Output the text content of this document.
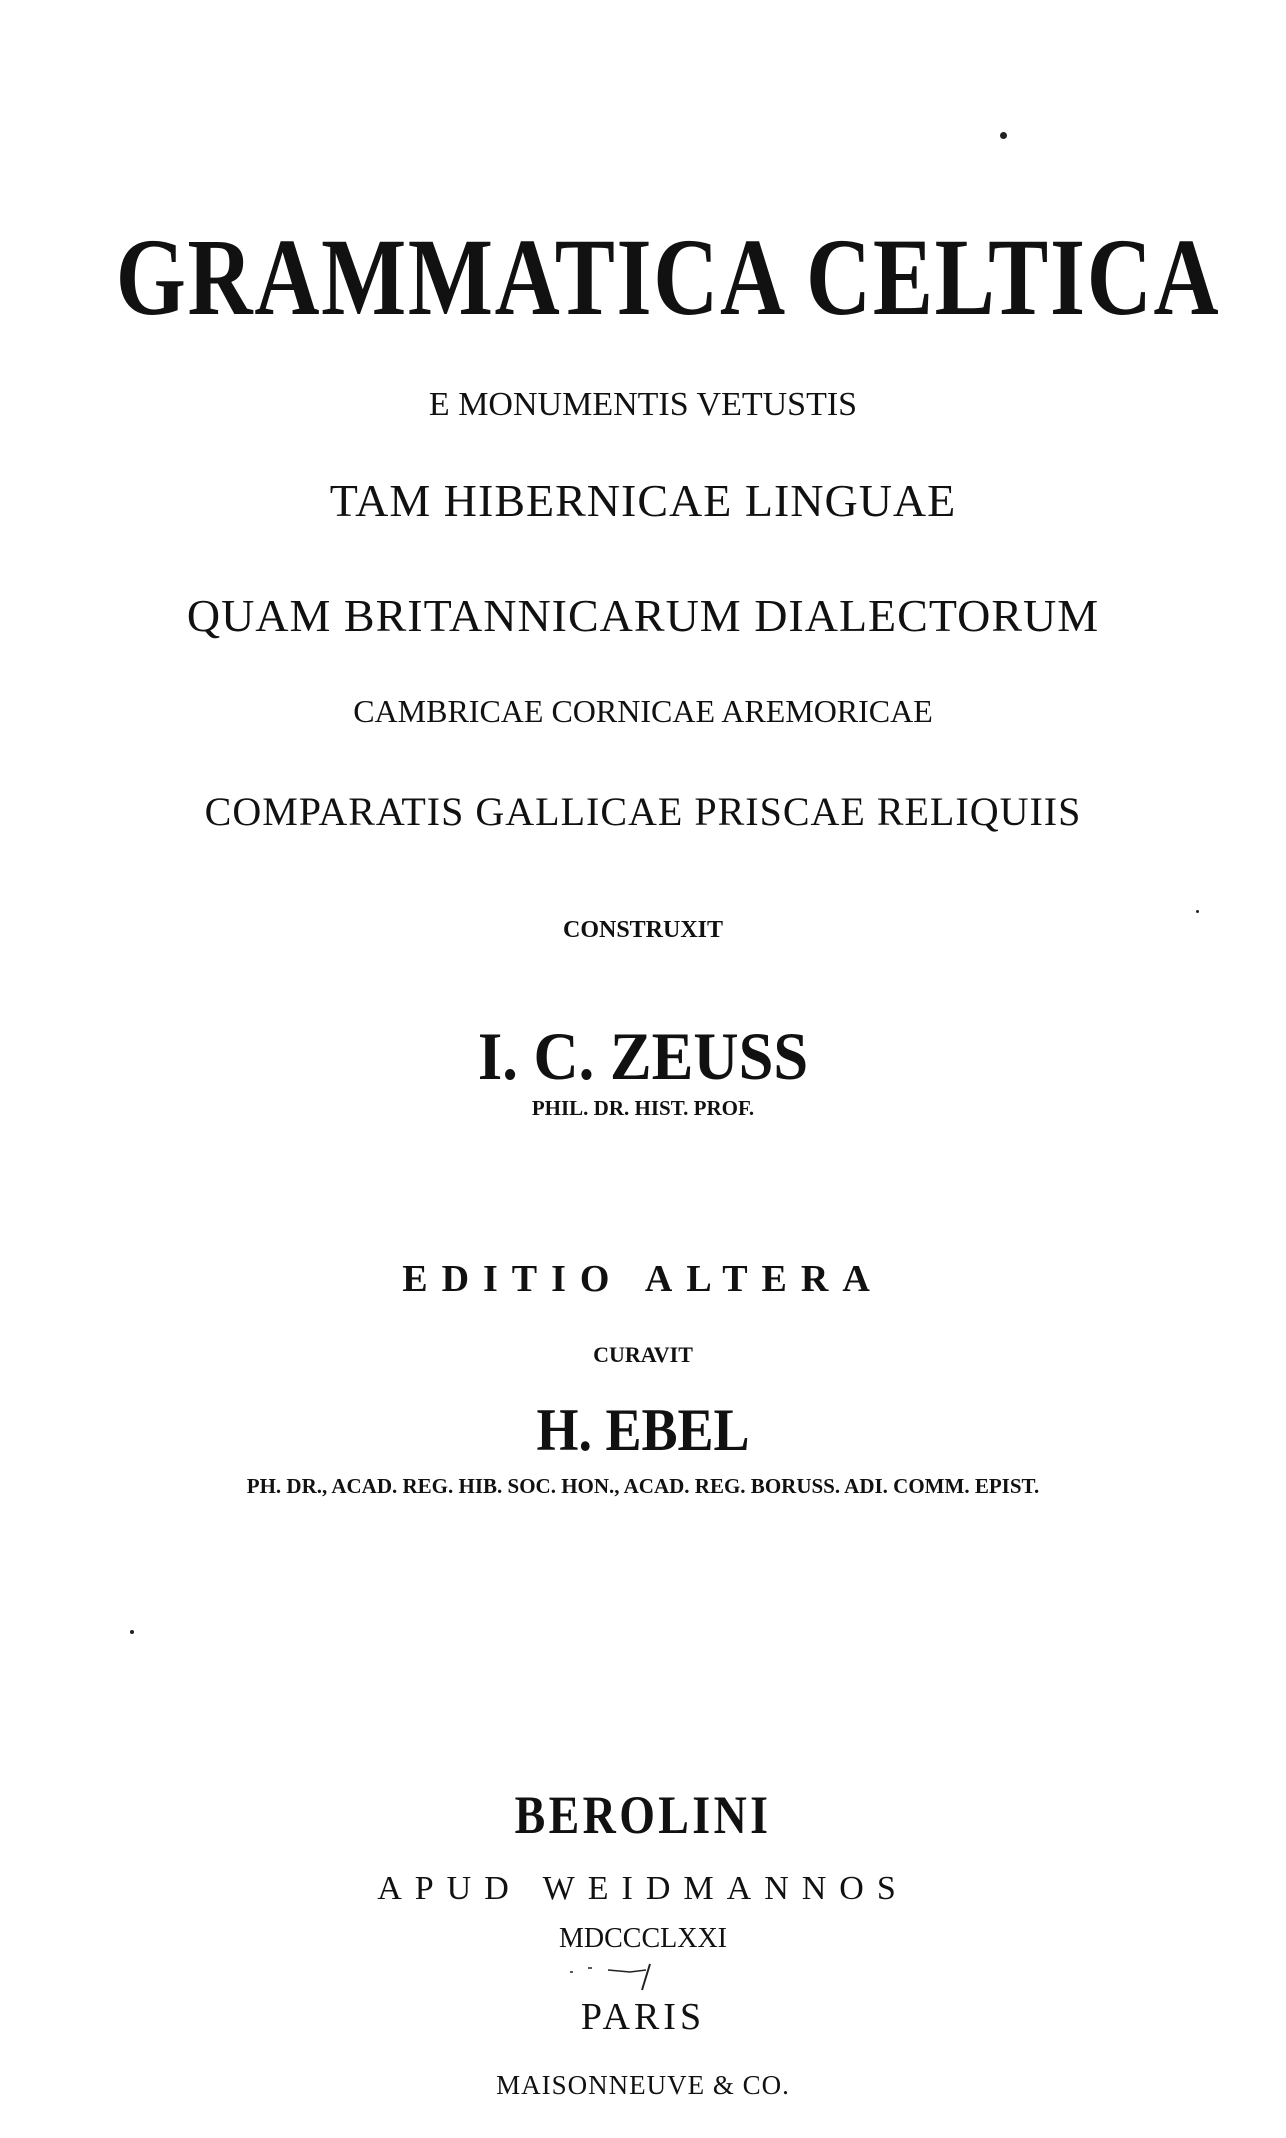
GRAMMATICA CELTICA

E MONUMENTIS VETUSTIS

TAM HIBERNICAE LINGUAE

QUAM BRITANNICARUM DIALECTORUM

CAMBRICAE CORNICAE AREMORICAE

COMPARATIS GALLICAE PRISCAE RELIQUIIS

CONSTRUXIT

I. C. ZEUSS

PHIL. DR. HIST. PROF.

EDITIO ALTERA

CURAVIT

H. EBEL

PH. DR., ACAD. REG. HIB. SOC. HON., ACAD. REG. BORUSS. ADI. COMM. EPIST.

BEROLINI

APUD WEIDMANNOS

MDCCCLXXI

PARIS

MAISONNEUVE & CO.
